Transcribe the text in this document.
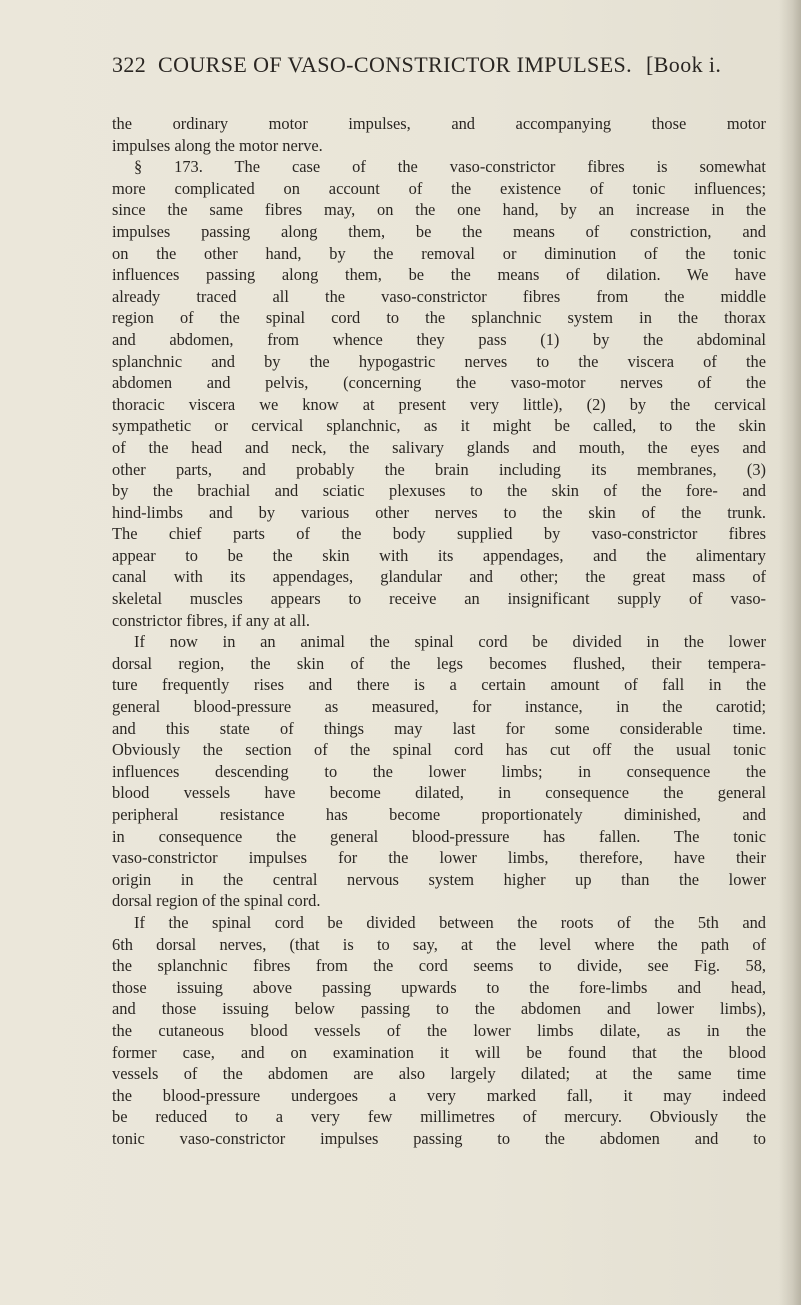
322 COURSE OF VASO-CONSTRICTOR IMPULSES. [Book i.
the ordinary motor impulses, and accompanying those motor
impulses along the motor nerve.
§ 173. The case of the vaso-constrictor fibres is somewhat
more complicated on account of the existence of tonic influences;
since the same fibres may, on the one hand, by an increase in the
impulses passing along them, be the means of constriction, and
on the other hand, by the removal or diminution of the tonic
influences passing along them, be the means of dilation. We have
already traced all the vaso-constrictor fibres from the middle
region of the spinal cord to the splanchnic system in the thorax
and abdomen, from whence they pass (1) by the abdominal
splanchnic and by the hypogastric nerves to the viscera of the
abdomen and pelvis, (concerning the vaso-motor nerves of the
thoracic viscera we know at present very little), (2) by the cervical
sympathetic or cervical splanchnic, as it might be called, to the skin
of the head and neck, the salivary glands and mouth, the eyes and
other parts, and probably the brain including its membranes, (3)
by the brachial and sciatic plexuses to the skin of the fore- and
hind-limbs and by various other nerves to the skin of the trunk.
The chief parts of the body supplied by vaso-constrictor fibres
appear to be the skin with its appendages, and the alimentary
canal with its appendages, glandular and other; the great mass of
skeletal muscles appears to receive an insignificant supply of vaso-
constrictor fibres, if any at all.
If now in an animal the spinal cord be divided in the lower
dorsal region, the skin of the legs becomes flushed, their tempera-
ture frequently rises and there is a certain amount of fall in the
general blood-pressure as measured, for instance, in the carotid;
and this state of things may last for some considerable time.
Obviously the section of the spinal cord has cut off the usual tonic
influences descending to the lower limbs; in consequence the
blood vessels have become dilated, in consequence the general
peripheral resistance has become proportionately diminished, and
in consequence the general blood-pressure has fallen. The tonic
vaso-constrictor impulses for the lower limbs, therefore, have their
origin in the central nervous system higher up than the lower
dorsal region of the spinal cord.
If the spinal cord be divided between the roots of the 5th and
6th dorsal nerves, (that is to say, at the level where the path of
the splanchnic fibres from the cord seems to divide, see Fig. 58,
those issuing above passing upwards to the fore-limbs and head,
and those issuing below passing to the abdomen and lower limbs),
the cutaneous blood vessels of the lower limbs dilate, as in the
former case, and on examination it will be found that the blood
vessels of the abdomen are also largely dilated; at the same time
the blood-pressure undergoes a very marked fall, it may indeed
be reduced to a very few millimetres of mercury. Obviously the
tonic vaso-constrictor impulses passing to the abdomen and to
